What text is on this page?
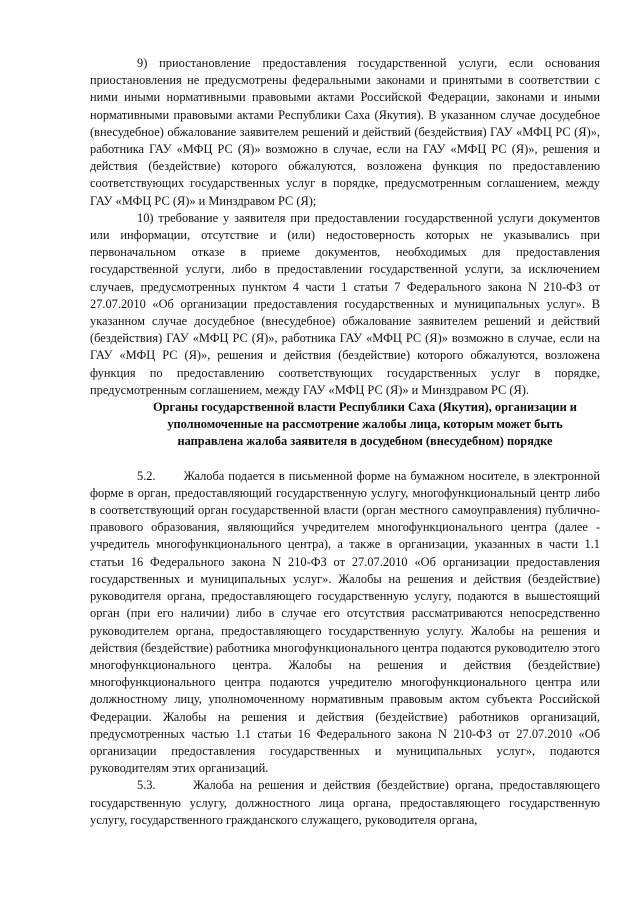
9) приостановление предоставления государственной услуги, если основания приостановления не предусмотрены федеральными законами и принятыми в соответствии с ними иными нормативными правовыми актами Российской Федерации, законами и иными нормативными правовыми актами Республики Саха (Якутия). В указанном случае досудебное (внесудебное) обжалование заявителем решений и действий (бездействия) ГАУ «МФЦ РС (Я)», работника ГАУ «МФЦ РС (Я)» возможно в случае, если на ГАУ «МФЦ РС (Я)», решения и действия (бездействие) которого обжалуются, возложена функция по предоставлению соответствующих государственных услуг в порядке, предусмотренным соглашением, между ГАУ «МФЦ РС (Я)» и Минздравом РС (Я);

10) требование у заявителя при предоставлении государственной услуги документов или информации, отсутствие и (или) недостоверность которых не указывались при первоначальном отказе в приеме документов, необходимых для предоставления государственной услуги, либо в предоставлении государственной услуги, за исключением случаев, предусмотренных пунктом 4 части 1 статьи 7 Федерального закона N 210-ФЗ от 27.07.2010 «Об организации предоставления государственных и муниципальных услуг». В указанном случае досудебное (внесудебное) обжалование заявителем решений и действий (бездействия) ГАУ «МФЦ РС (Я)», работника ГАУ «МФЦ РС (Я)» возможно в случае, если на ГАУ «МФЦ РС (Я)», решения и действия (бездействие) которого обжалуются, возложена функция по предоставлению соответствующих государственных услуг в порядке, предусмотренным соглашением, между ГАУ «МФЦ РС (Я)» и Минздравом РС (Я).

Органы государственной власти Республики Саха (Якутия), организации и уполномоченные на рассмотрение жалобы лица, которым может быть направлена жалоба заявителя в досудебном (внесудебном) порядке

5.2. Жалоба подается в письменной форме на бумажном носителе, в электронной форме в орган, предоставляющий государственную услугу, многофункциональный центр либо в соответствующий орган государственной власти (орган местного самоуправления) публично-правового образования, являющийся учредителем многофункционального центра (далее - учредитель многофункционального центра), а также в организации, указанных в части 1.1 статьи 16 Федерального закона N 210-ФЗ от 27.07.2010 «Об организации предоставления государственных и муниципальных услуг». Жалобы на решения и действия (бездействие) руководителя органа, предоставляющего государственную услугу, подаются в вышестоящий орган (при его наличии) либо в случае его отсутствия рассматриваются непосредственно руководителем органа, предоставляющего государственную услугу. Жалобы на решения и действия (бездействие) работника многофункционального центра подаются руководителю этого многофункционального центра. Жалобы на решения и действия (бездействие) многофункционального центра подаются учредителю многофункционального центра или должностному лицу, уполномоченному нормативным правовым актом субъекта Российской Федерации. Жалобы на решения и действия (бездействие) работников организаций, предусмотренных частью 1.1 статьи 16 Федерального закона N 210-ФЗ от 27.07.2010 «Об организации предоставления государственных и муниципальных услуг», подаются руководителям этих организаций.

5.3.	Жалоба на решения и действия (бездействие) органа, предоставляющего государственную услугу, должностного лица органа, предоставляющего государственную услугу, государственного гражданского служащего, руководителя органа,
